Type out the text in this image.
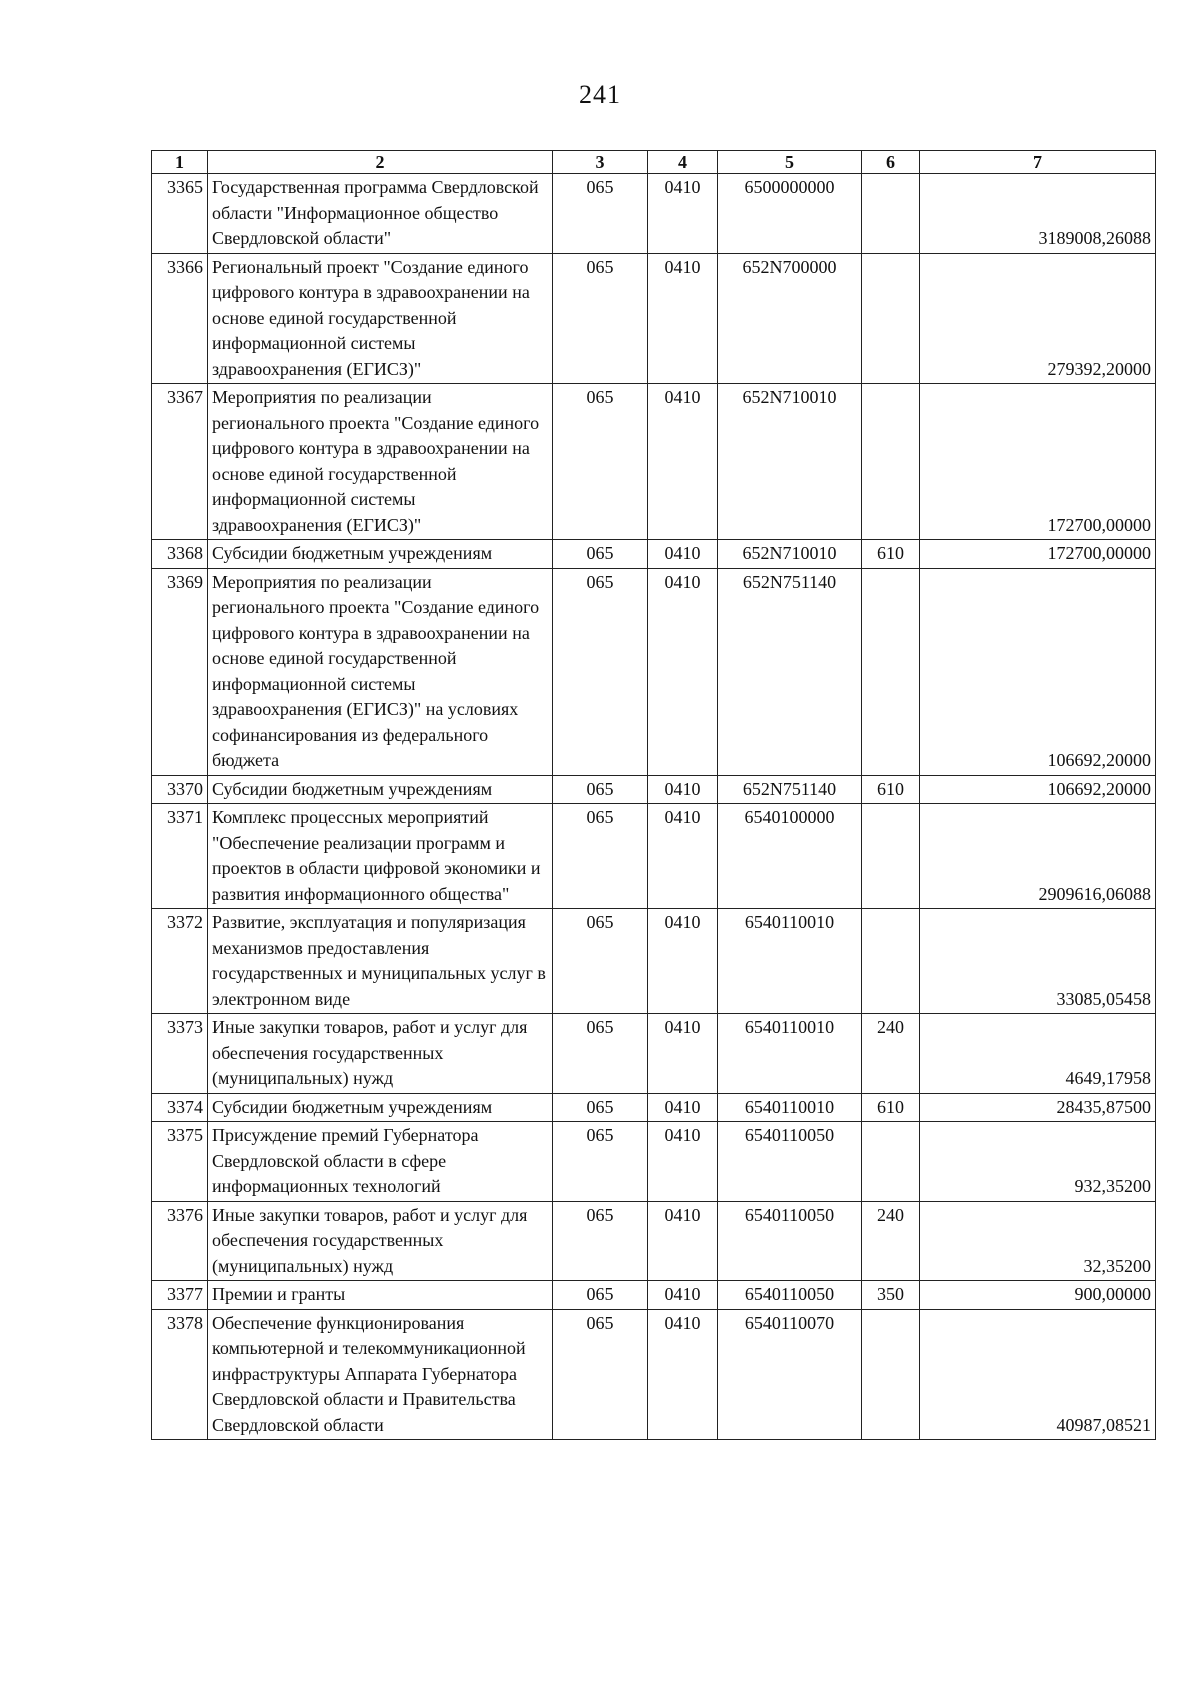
241
1	2	3	4	5	6	7
3365	Государственная программа Свердловской области "Информационное общество Свердловской области"	065	0410	6500000000		3189008,26088
3366	Региональный проект "Создание единого цифрового контура в здравоохранении на основе единой государственной информационной системы здравоохранения (ЕГИСЗ)"	065	0410	652N700000		279392,20000
3367	Мероприятия по реализации регионального проекта "Создание единого цифрового контура в здравоохранении на основе единой государственной информационной системы здравоохранения (ЕГИСЗ)"	065	0410	652N710010		172700,00000
3368	Субсидии бюджетным учреждениям	065	0410	652N710010	610	172700,00000
3369	Мероприятия по реализации регионального проекта "Создание единого цифрового контура в здравоохранении на основе единой государственной информационной системы здравоохранения (ЕГИСЗ)" на условиях софинансирования из федерального бюджета	065	0410	652N751140		106692,20000
3370	Субсидии бюджетным учреждениям	065	0410	652N751140	610	106692,20000
3371	Комплекс процессных мероприятий "Обеспечение реализации программ и проектов в области цифровой экономики и развития информационного общества"	065	0410	6540100000		2909616,06088
3372	Развитие, эксплуатация и популяризация механизмов предоставления государственных и муниципальных услуг в электронном виде	065	0410	6540110010		33085,05458
3373	Иные закупки товаров, работ и услуг для обеспечения государственных (муниципальных) нужд	065	0410	6540110010	240	4649,17958
3374	Субсидии бюджетным учреждениям	065	0410	6540110010	610	28435,87500
3375	Присуждение премий Губернатора Свердловской области в сфере информационных технологий	065	0410	6540110050		932,35200
3376	Иные закупки товаров, работ и услуг для обеспечения государственных (муниципальных) нужд	065	0410	6540110050	240	32,35200
3377	Премии и гранты	065	0410	6540110050	350	900,00000
3378	Обеспечение функционирования компьютерной и телекоммуникационной инфраструктуры Аппарата Губернатора Свердловской области и Правительства Свердловской области	065	0410	6540110070		40987,08521
